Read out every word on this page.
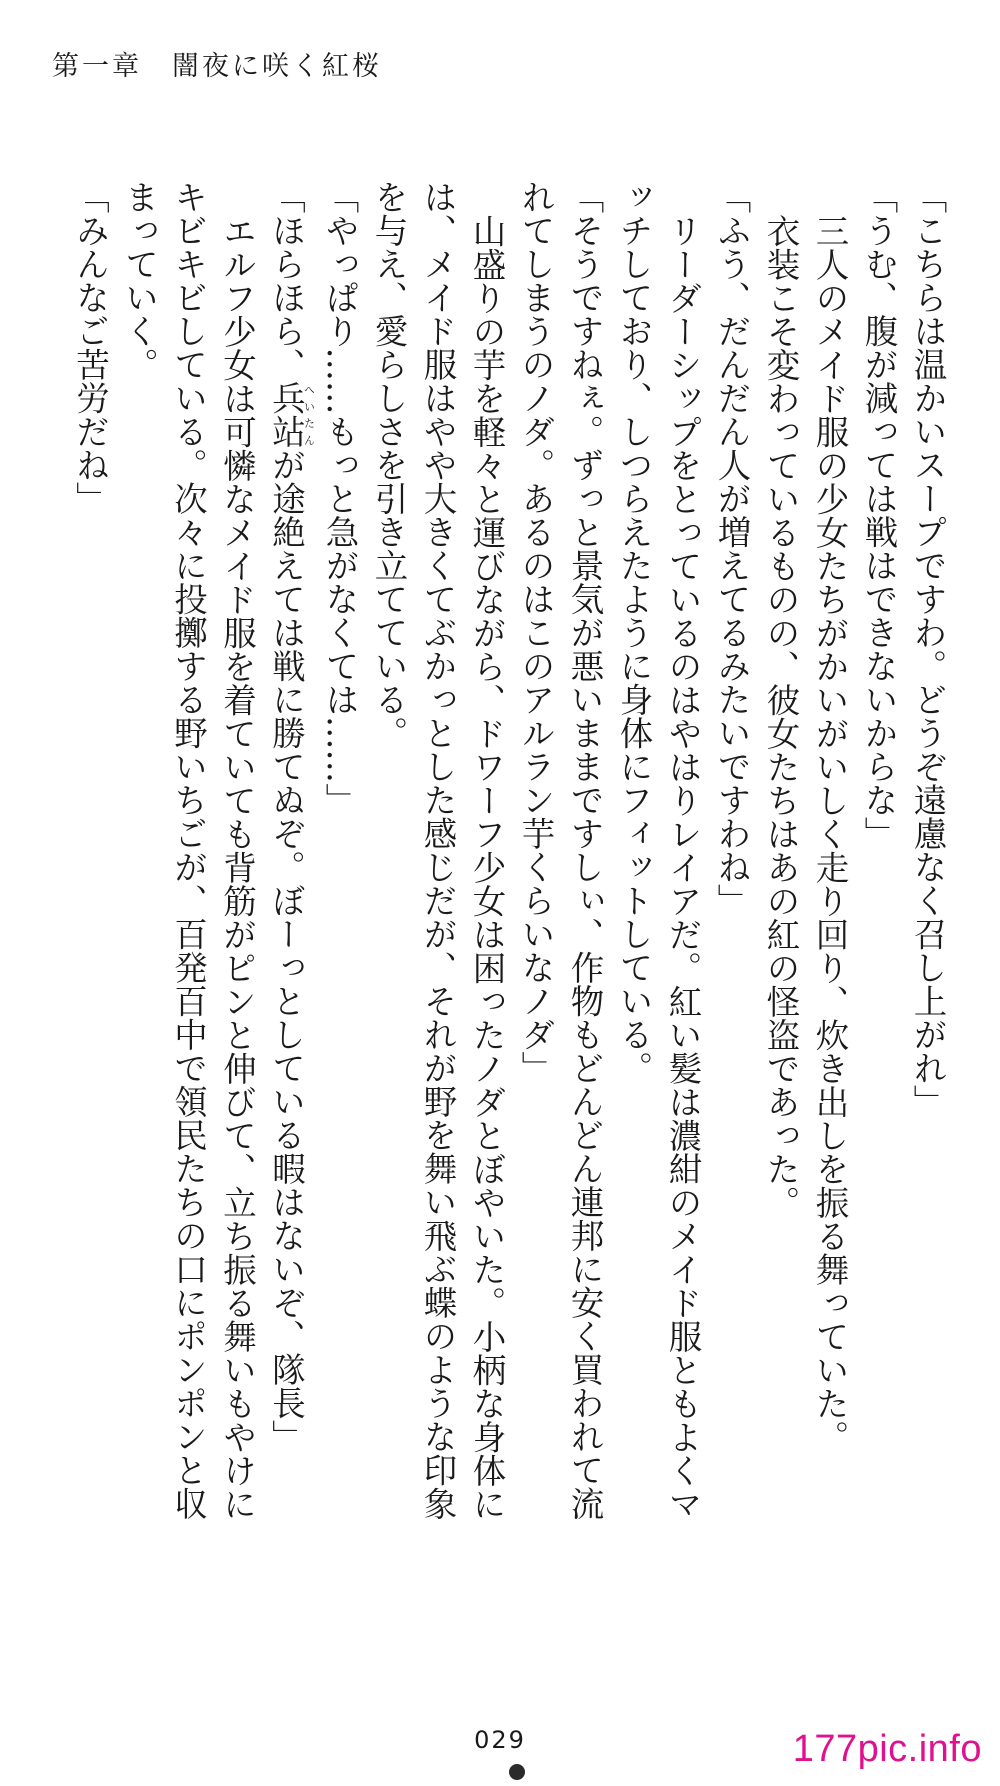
第一章　闇夜に咲く紅桜
「こちらは温かいスープですわ。どうぞ遠慮なく召し上がれ」
「うむ、腹が減っては戦はできないからな」
三人のメイド服の少女たちがかいがいしく走り回り、炊き出しを振る舞っていた。
衣装こそ変わっているものの、彼女たちはあの紅の怪盗であった。
「ふう、だんだん人が増えてるみたいですわね」
リーダーシップをとっているのはやはりレイアだ。紅い髪は濃紺のメイド服ともよくマッチしており、しつらえたように身体にフィットしている。
「そうですねぇ。ずっと景気が悪いままですしぃ、作物もどんどん連邦に安く買われて流れてしまうのノダ。あるのはこのアルラン芋くらいなノダ」
山盛りの芋を軽々と運びながら、ドワーフ少女は困ったノダとぼやいた。小柄な身体には、メイド服はやや大きくてぶかっとした感じだが、それが野を舞い飛ぶ蝶のような印象を与え、愛らしさを引き立てている。
「やっぱり……もっと急がなくては……」
「ほらほら、兵站へいたんが途絶えては戦に勝てぬぞ。ぼーっとしている暇はないぞ、隊長」
エルフ少女は可憐なメイド服を着ていても背筋がピンと伸びて、立ち振る舞いもやけにキビキビしている。次々に投擲する野いちごが、百発百中で領民たちの口にポンポンと収まっていく。
「みんなご苦労だね」
029	177pic.info
